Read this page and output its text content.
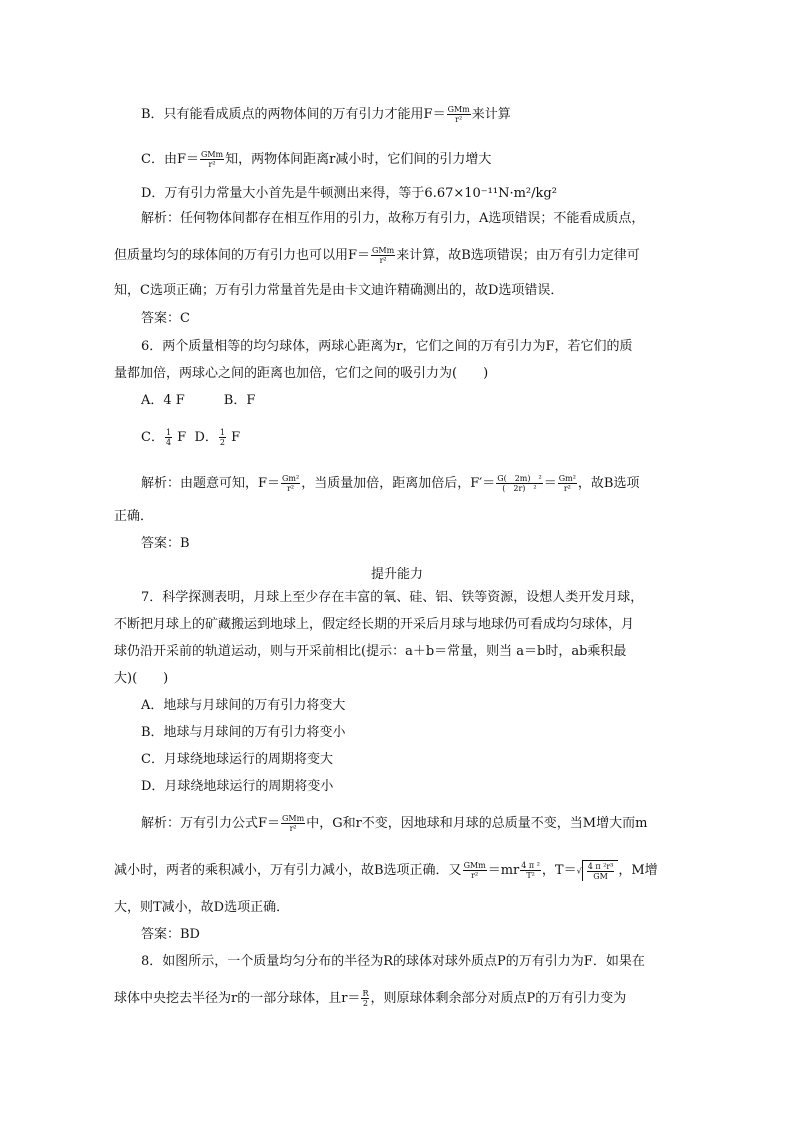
B．只有能看成质点的两物体间的万有引力才能用$F= \frac{\text{GMm}}{\text{r²}}$ 来计算
C．由$F= \frac{\text{GMm}}{\text{r²}}$ 知，两物体间距离r减小时，它们间的引力增大
D．万有引力常量大小首先是牛顿测出来得，等于6.67×10⁻¹¹N·m²/kg²
解析：任何物体间都存在相互作用的引力，故称万有引力，A选项错误；不能看成质点，
但质量均匀的球体间的万有引力也可以用$F= \frac{\text{GMm}}{\text{r²}}$ 来计算，故B选项错误；由万有引力定律可
知，C选项正确；万有引力常量首先是由卡文迪许精确测出的，故D选项错误．
答案：C
6．两个质量相等的均匀球体，两球心距离为r，它们之间的万有引力为F，若它们的质
量都加倍，两球心之间的距离也加倍，它们之间的吸引力为(　　)
A．4 F　　　B．F
C． $\frac{1}{4}$ F D． $\frac{1}{2}$ F
解析：由题意可知，$F= \frac{\text{Gm²}}{\text{r²}}$ ，当质量加倍，距离加倍后，$F'= \frac{\text{G(　2m)　²}}{\text{(　2r)　²}} = \frac{\text{Gm²}}{\text{r²}}$ ，故B选项
正确．
答案：B
提升能力
7．科学探测表明，月球上至少存在丰富的氧、硅、铝、铁等资源，设想人类开发月球，
不断把月球上的矿藏搬运到地球上，假定经长期的开采后月球与地球仍可看成均匀球体，月
球仍沿开采前的轨道运动，则与开采前相比(提示：a＋b＝常量，则当 a＝b时，ab乘积最
大)(　　)
A．地球与月球间的万有引力将变大
B．地球与月球间的万有引力将变小
C．月球绕地球运行的周期将变大
D．月球绕地球运行的周期将变小
解析：万有引力公式$F= \frac{\text{GMm}}{\text{r²}}$ 中，G和r不变，因地球和月球的总质量不变，当M增大而m
减小时，两者的乘积减小，万有引力减小，故B选项正确．又 $\frac{\text{GMm}}{\text{r²}} =mr \frac{\text{4 π ²}}{\text{T²}}$ ，$T=√ \frac{\text{4 π ²r³}}{GM}$ ，M增
大，则T减小，故D选项正确．
答案：BD
8．如图所示，一个质量均匀分布的半径为R的球体对球外质点P的万有引力为F．如果在
球体中央挖去半径为r的一部分球体，且$r= \frac{R}{2}$ ，则原球体剩余部分对质点P的万有引力变为
